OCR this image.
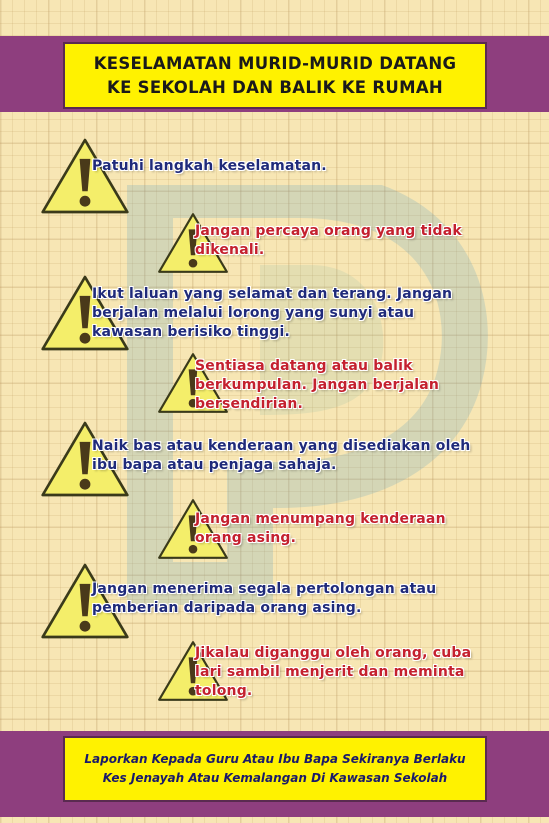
KESELAMATAN MURID-MURID DATANG
KE SEKOLAH DAN BALIK KE RUMAH
Patuhi langkah keselamatan.
Jangan percaya orang yang tidak
dikenali.
Ikut laluan yang selamat dan terang. Jangan
berjalan melalui lorong yang sunyi atau
kawasan berisiko tinggi.
Sentiasa datang atau balik
berkumpulan. Jangan berjalan
bersendirian.
Naik bas atau kenderaan yang disediakan oleh
ibu bapa atau penjaga sahaja.
Jangan menumpang kenderaan
orang asing.
Jangan menerima segala pertolongan atau
pemberian daripada orang asing.
Jikalau diganggu oleh orang, cuba
lari sambil menjerit dan meminta
tolong.
Laporkan Kepada Guru Atau Ibu Bapa Sekiranya Berlaku
Kes Jenayah Atau Kemalangan Di Kawasan Sekolah
